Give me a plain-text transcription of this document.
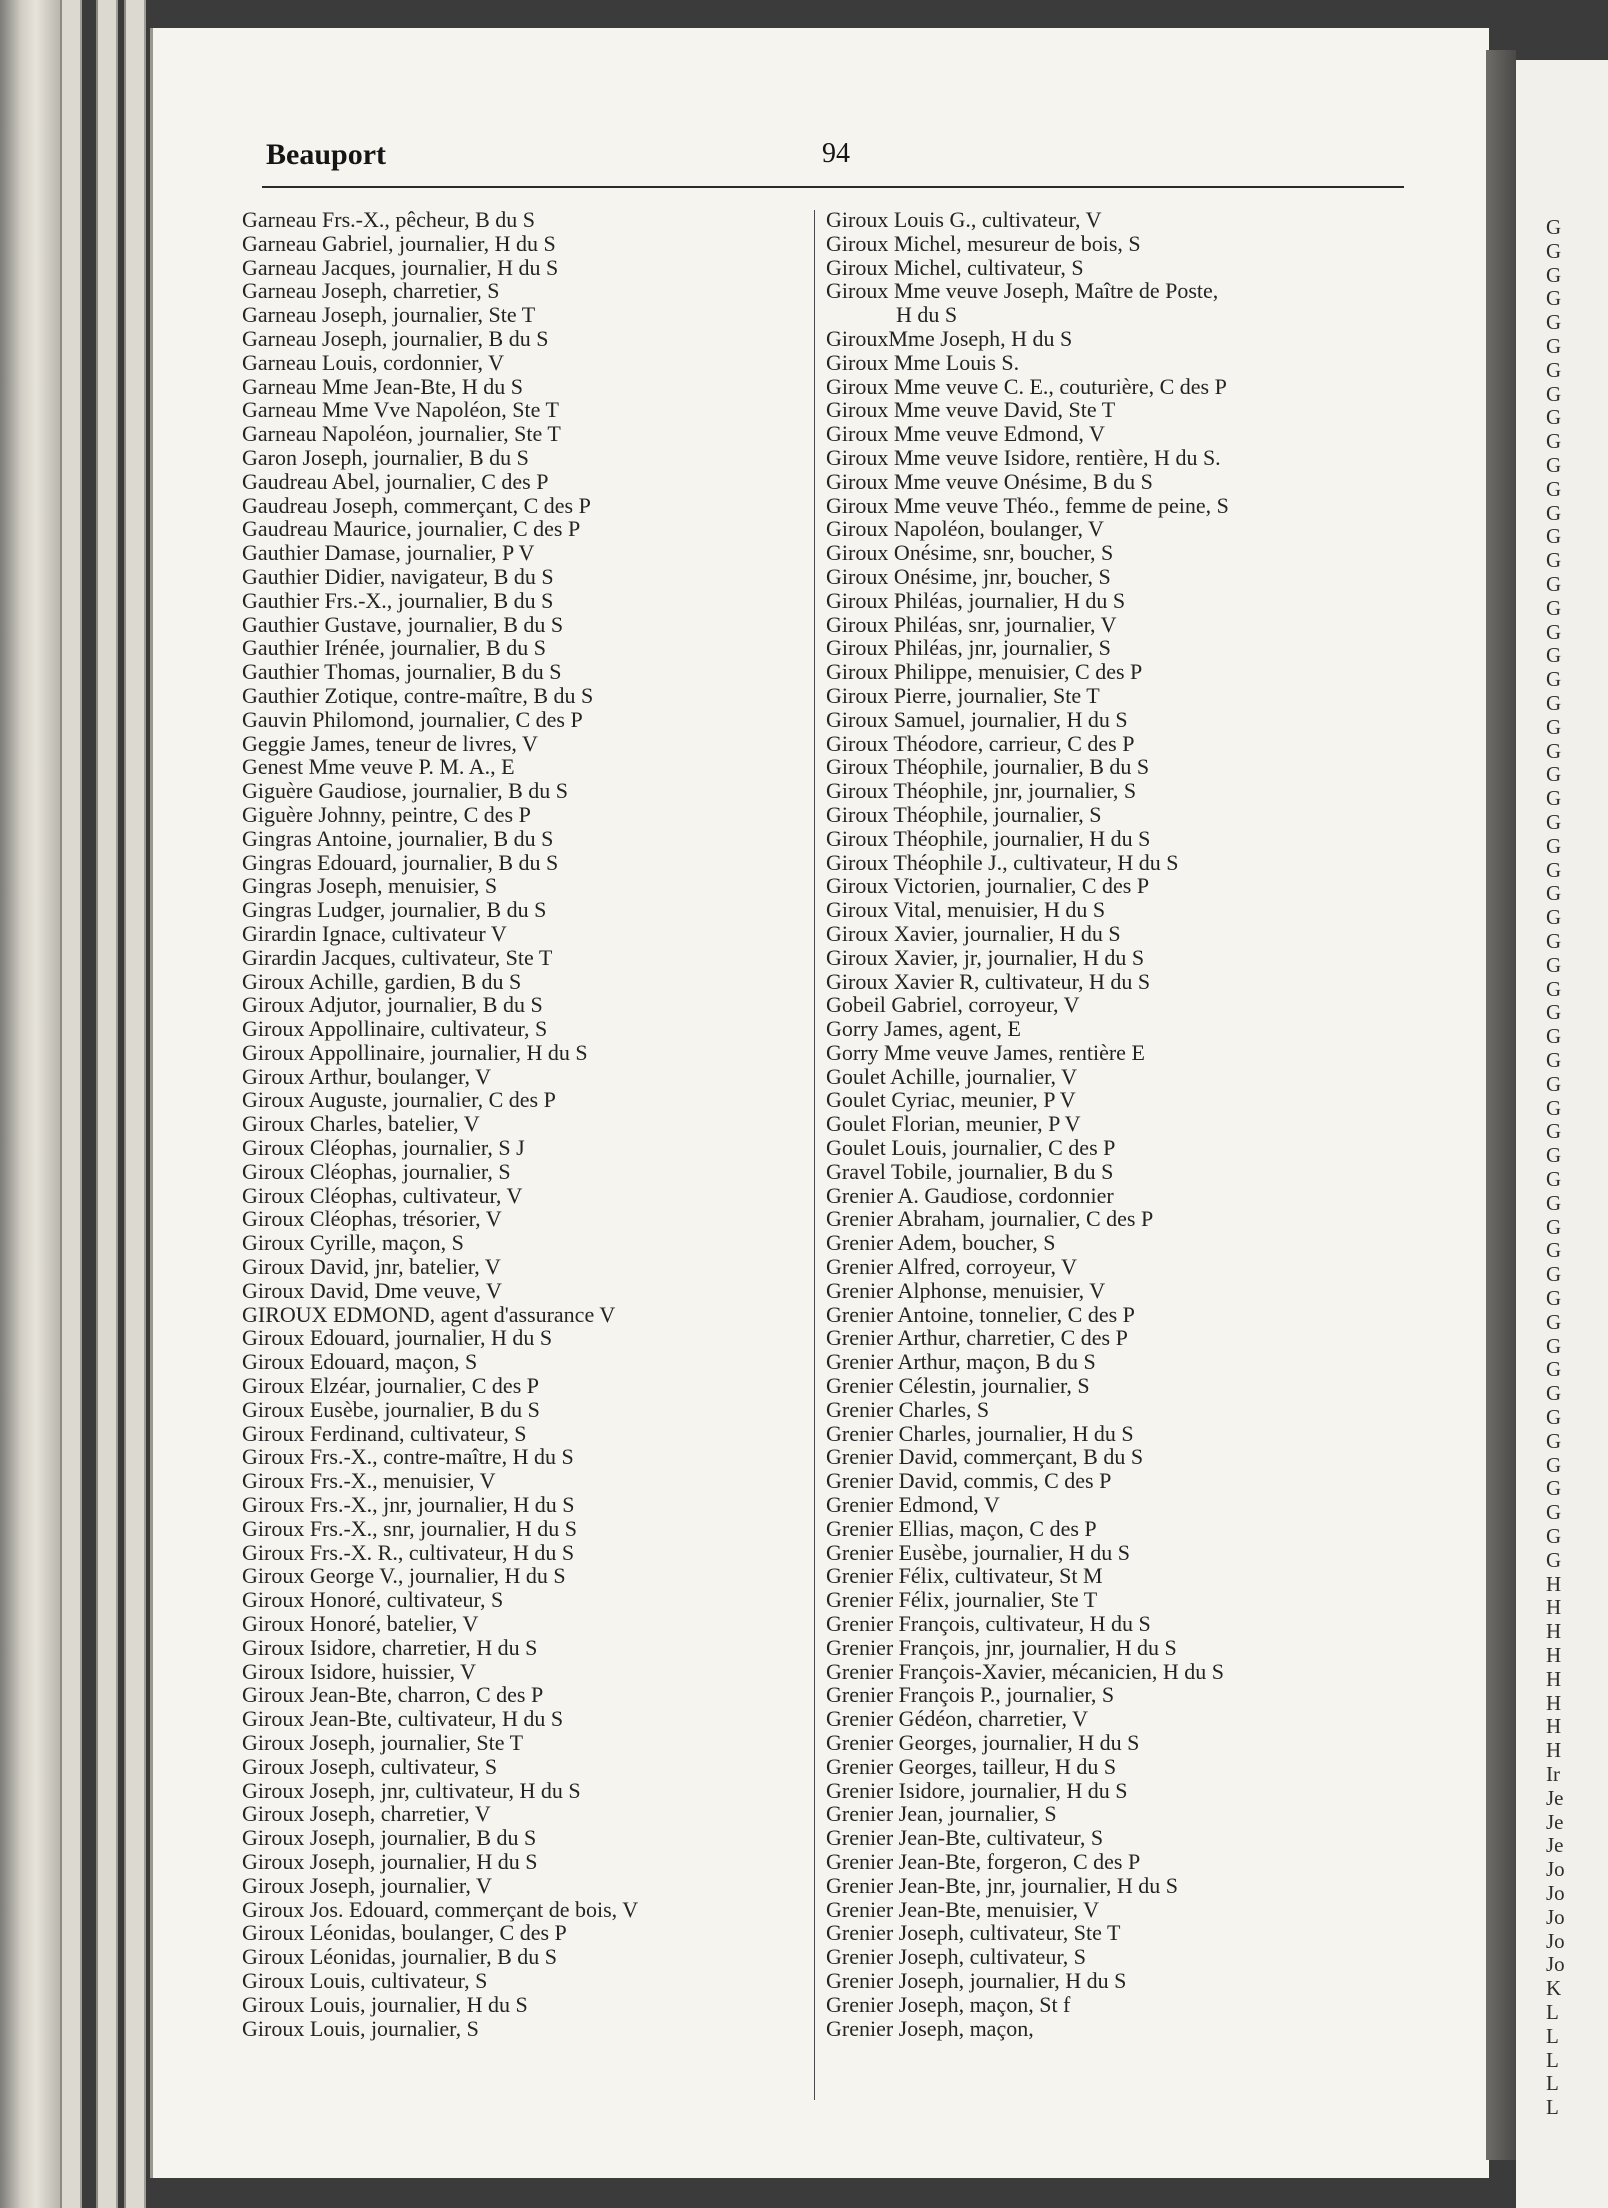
G
G
G
G
G
G
G
G
G
G
G
G
G
G
G
G
G
G
G
G
G
G
G
G
G
G
G
G
G
G
G
G
G
G
G
G
G
G
G
G
G
G
G
G
G
G
G
G
G
G
G
G
G
G
G
G
G
H
H
H
H
H
H
H
H
Ir
Je
Je
Je
Jo
Jo
Jo
Jo
Jo
K
L
L
L
L
L
Beauport	94
Garneau Frs.-X., pêcheur, B du S
Garneau Gabriel, journalier, H du S
Garneau Jacques, journalier, H du S
Garneau Joseph, charretier, S
Garneau Joseph, journalier, Ste T
Garneau Joseph, journalier, B du S
Garneau Louis, cordonnier, V
Garneau Mme Jean-Bte, H du S
Garneau Mme Vve Napoléon, Ste T
Garneau Napoléon, journalier, Ste T
Garon Joseph, journalier, B du S
Gaudreau Abel, journalier, C des P
Gaudreau Joseph, commerçant, C des P
Gaudreau Maurice, journalier, C des P
Gauthier Damase, journalier, P V
Gauthier Didier, navigateur, B du S
Gauthier Frs.-X., journalier, B du S
Gauthier Gustave, journalier, B du S
Gauthier Irénée, journalier, B du S
Gauthier Thomas, journalier, B du S
Gauthier Zotique, contre-maître, B du S
Gauvin Philomond, journalier, C des P
Geggie James, teneur de livres, V
Genest Mme veuve P. M. A., E
Giguère Gaudiose, journalier, B du S
Giguère Johnny, peintre, C des P
Gingras Antoine, journalier, B du S
Gingras Edouard, journalier, B du S
Gingras Joseph, menuisier, S
Gingras Ludger, journalier, B du S
Girardin Ignace, cultivateur V
Girardin Jacques, cultivateur, Ste T
Giroux Achille, gardien, B du S
Giroux Adjutor, journalier, B du S
Giroux Appollinaire, cultivateur, S
Giroux Appollinaire, journalier, H du S
Giroux Arthur, boulanger, V
Giroux Auguste, journalier, C des P
Giroux Charles, batelier, V
Giroux Cléophas, journalier, S J
Giroux Cléophas, journalier, S
Giroux Cléophas, cultivateur, V
Giroux Cléophas, trésorier, V
Giroux Cyrille, maçon, S
Giroux David, jnr, batelier, V
Giroux David, Dme veuve, V
GIROUX EDMOND, agent d'assurance V
Giroux Edouard, journalier, H du S
Giroux Edouard, maçon, S
Giroux Elzéar, journalier, C des P
Giroux Eusèbe, journalier, B du S
Giroux Ferdinand, cultivateur, S
Giroux Frs.-X., contre-maître, H du S
Giroux Frs.-X., menuisier, V
Giroux Frs.-X., jnr, journalier, H du S
Giroux Frs.-X., snr, journalier, H du S
Giroux Frs.-X. R., cultivateur, H du S
Giroux George V., journalier, H du S
Giroux Honoré, cultivateur, S
Giroux Honoré, batelier, V
Giroux Isidore, charretier, H du S
Giroux Isidore, huissier, V
Giroux Jean-Bte, charron, C des P
Giroux Jean-Bte, cultivateur, H du S
Giroux Joseph, journalier, Ste T
Giroux Joseph, cultivateur, S
Giroux Joseph, jnr, cultivateur, H du S
Giroux Joseph, charretier, V
Giroux Joseph, journalier, B du S
Giroux Joseph, journalier, H du S
Giroux Joseph, journalier, V
Giroux Jos. Edouard, commerçant de bois, V
Giroux Léonidas, boulanger, C des P
Giroux Léonidas, journalier, B du S
Giroux Louis, cultivateur, S
Giroux Louis, journalier, H du S
Giroux Louis, journalier, S
Giroux Louis G., cultivateur, V
Giroux Michel, mesureur de bois, S
Giroux Michel, cultivateur, S
Giroux Mme veuve Joseph, Maître de Poste,
H du S
GirouxMme Joseph, H du S
Giroux Mme Louis S.
Giroux Mme veuve C. E., couturière, C des P
Giroux Mme veuve David, Ste T
Giroux Mme veuve Edmond, V
Giroux Mme veuve Isidore, rentière, H du S.
Giroux Mme veuve Onésime, B du S
Giroux Mme veuve Théo., femme de peine, S
Giroux Napoléon, boulanger, V
Giroux Onésime, snr, boucher, S
Giroux Onésime, jnr, boucher, S
Giroux Philéas, journalier, H du S
Giroux Philéas, snr, journalier, V
Giroux Philéas, jnr, journalier, S
Giroux Philippe, menuisier, C des P
Giroux Pierre, journalier, Ste T
Giroux Samuel, journalier, H du S
Giroux Théodore, carrieur, C des P
Giroux Théophile, journalier, B du S
Giroux Théophile, jnr, journalier, S
Giroux Théophile, journalier, S
Giroux Théophile, journalier, H du S
Giroux Théophile J., cultivateur, H du S
Giroux Victorien, journalier, C des P
Giroux Vital, menuisier, H du S
Giroux Xavier, journalier, H du S
Giroux Xavier, jr, journalier, H du S
Giroux Xavier R, cultivateur, H du S
Gobeil Gabriel, corroyeur, V
Gorry James, agent, E
Gorry Mme veuve James, rentière E
Goulet Achille, journalier, V
Goulet Cyriac, meunier, P V
Goulet Florian, meunier, P V
Goulet Louis, journalier, C des P
Gravel Tobile, journalier, B du S
Grenier A. Gaudiose, cordonnier
Grenier Abraham, journalier, C des P
Grenier Adem, boucher, S
Grenier Alfred, corroyeur, V
Grenier Alphonse, menuisier, V
Grenier Antoine, tonnelier, C des P
Grenier Arthur, charretier, C des P
Grenier Arthur, maçon, B du S
Grenier Célestin, journalier, S
Grenier Charles, S
Grenier Charles, journalier, H du S
Grenier David, commerçant, B du S
Grenier David, commis, C des P
Grenier Edmond, V
Grenier Ellias, maçon, C des P
Grenier Eusèbe, journalier, H du S
Grenier Félix, cultivateur, St M
Grenier Félix, journalier, Ste T
Grenier François, cultivateur, H du S
Grenier François, jnr, journalier, H du S
Grenier François-Xavier, mécanicien, H du S
Grenier François P., journalier, S
Grenier Gédéon, charretier, V
Grenier Georges, journalier, H du S
Grenier Georges, tailleur, H du S
Grenier Isidore, journalier, H du S
Grenier Jean, journalier, S
Grenier Jean-Bte, cultivateur, S
Grenier Jean-Bte, forgeron, C des P
Grenier Jean-Bte, jnr, journalier, H du S
Grenier Jean-Bte, menuisier, V
Grenier Joseph, cultivateur, Ste T
Grenier Joseph, cultivateur, S
Grenier Joseph, journalier, H du S
Grenier Joseph, maçon, St f
Grenier Joseph, maçon,
